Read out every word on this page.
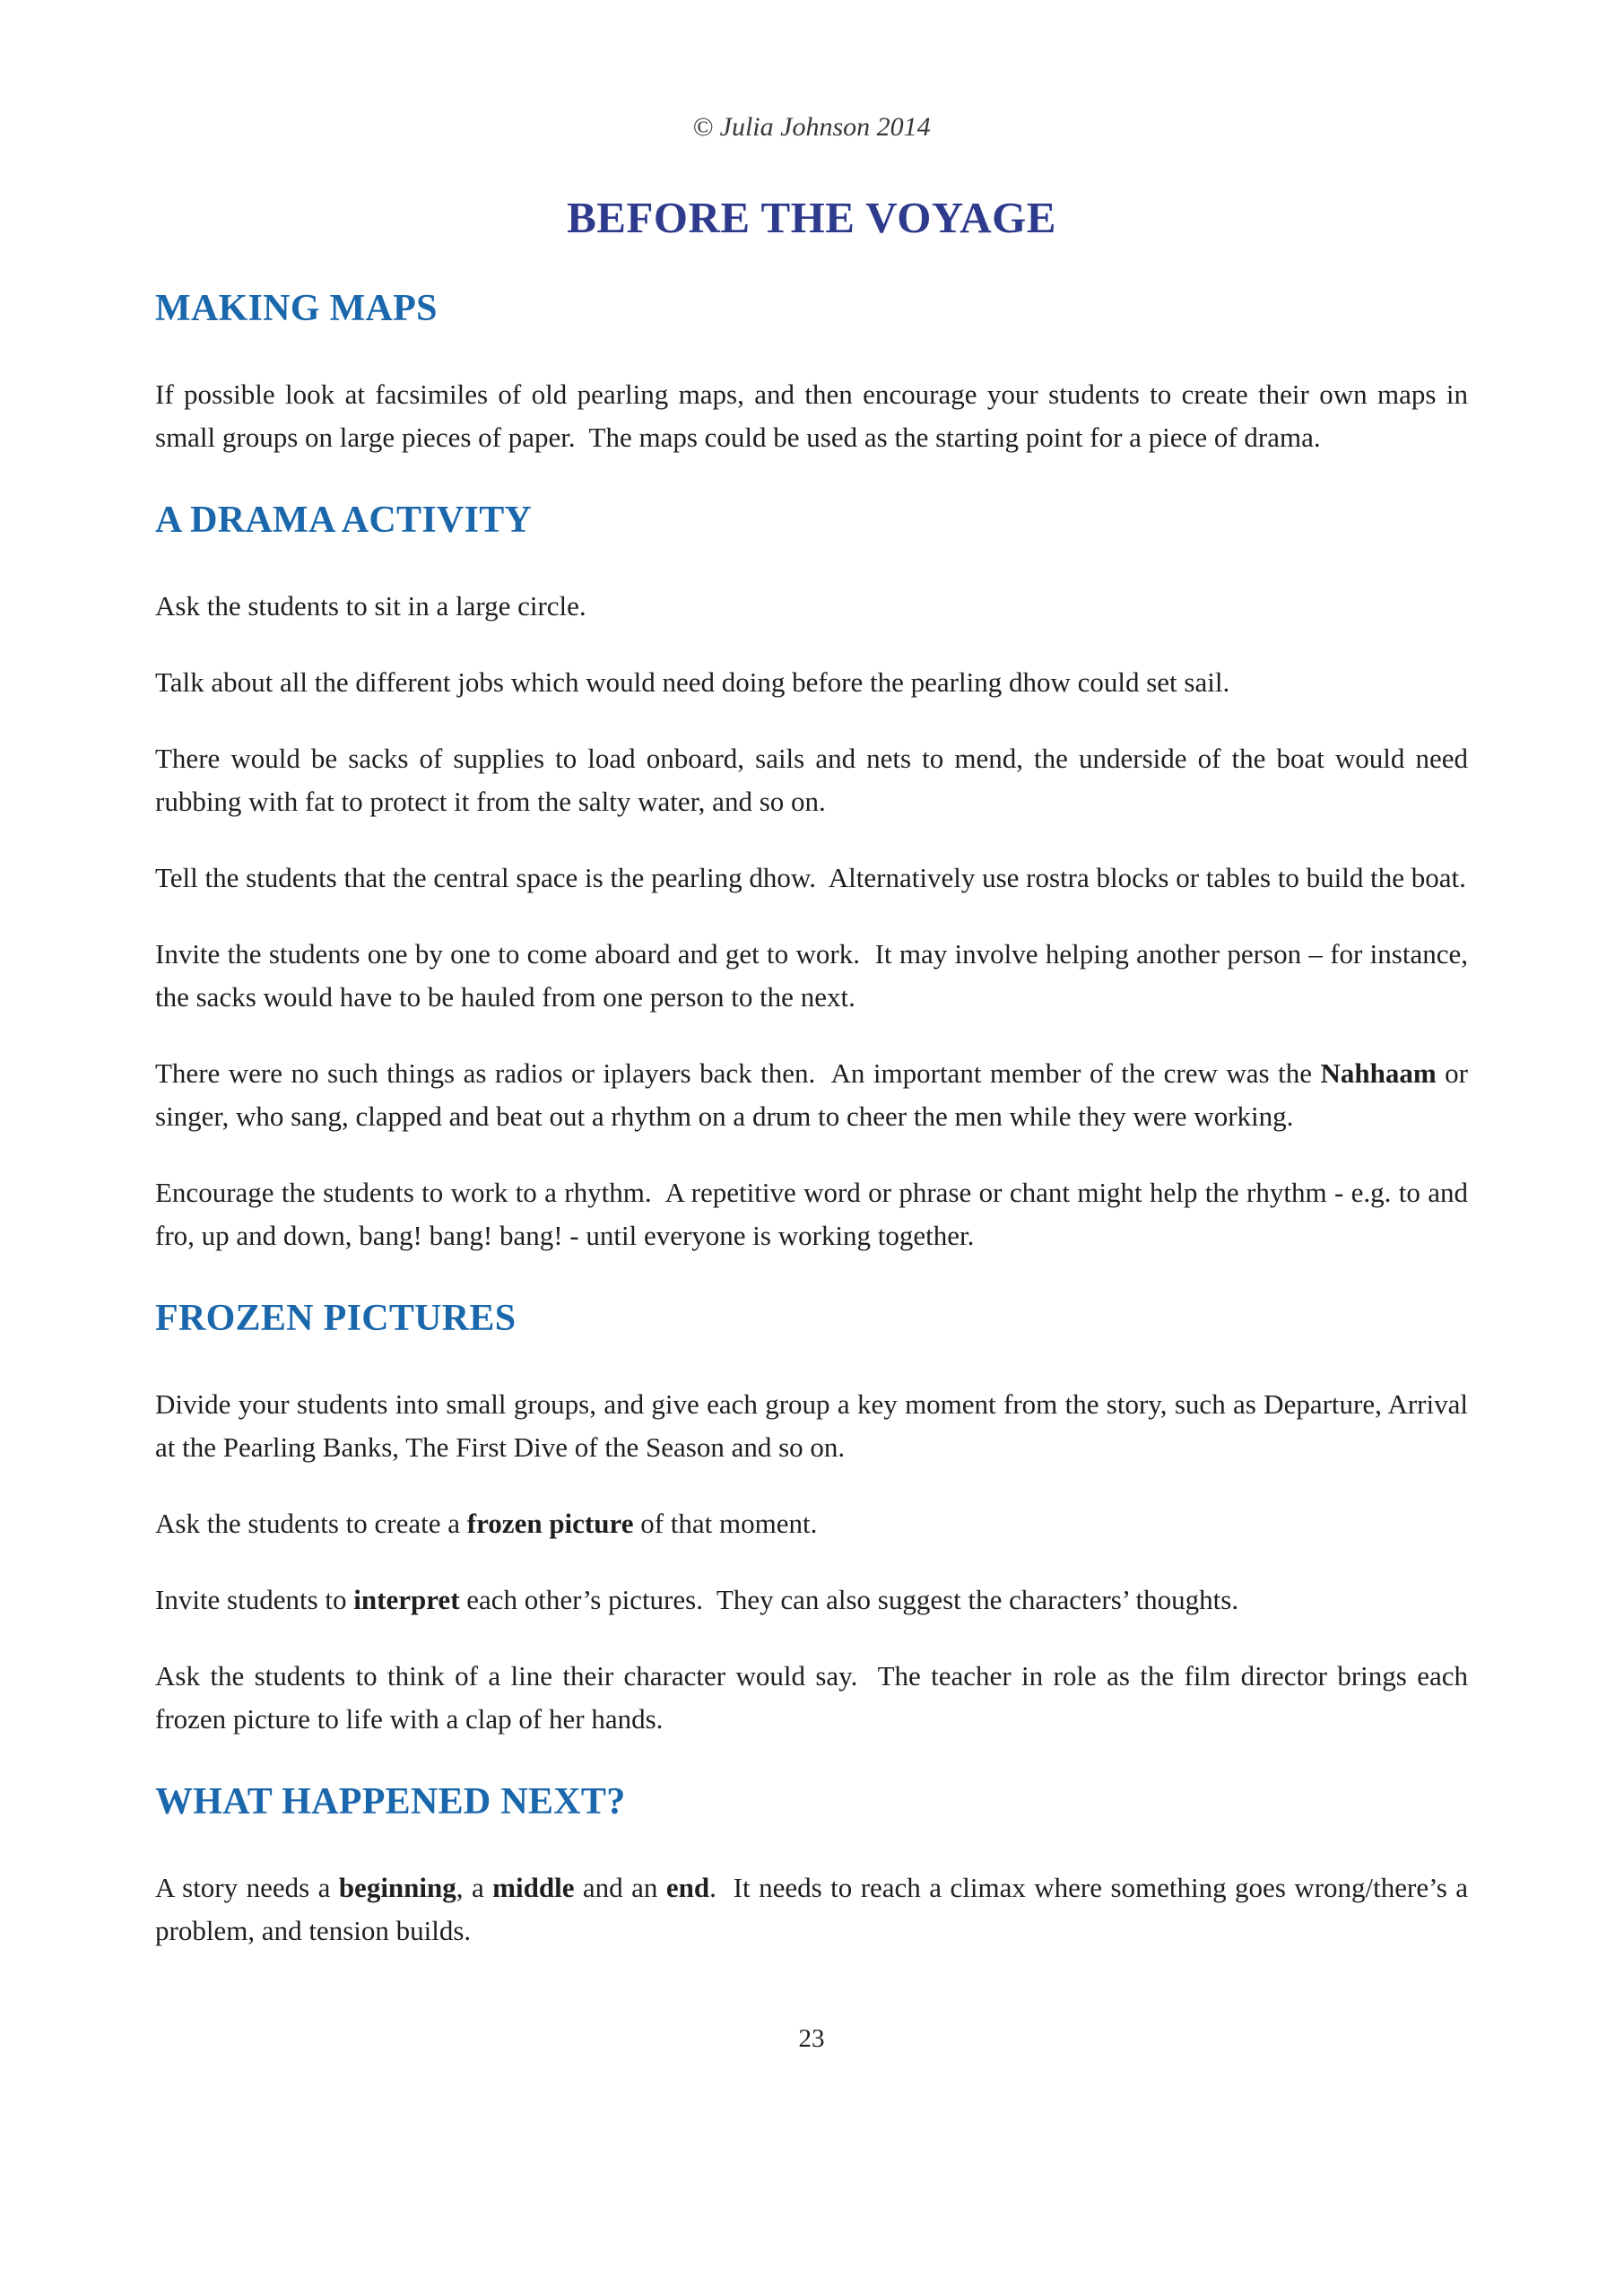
© Julia Johnson 2014
BEFORE THE VOYAGE
MAKING MAPS

If possible look at facsimiles of old pearling maps, and then encourage your students to create their own maps in small groups on large pieces of paper.  The maps could be used as the starting point for a piece of drama.

A DRAMA ACTIVITY

Ask the students to sit in a large circle.

Talk about all the different jobs which would need doing before the pearling dhow could set sail.

There would be sacks of supplies to load onboard, sails and nets to mend, the underside of the boat would need rubbing with fat to protect it from the salty water, and so on.

Tell the students that the central space is the pearling dhow.  Alternatively use rostra blocks or tables to build the boat.

Invite the students one by one to come aboard and get to work.  It may involve helping another person – for instance, the sacks would have to be hauled from one person to the next.

There were no such things as radios or iplayers back then.  An important member of the crew was the Nahhaam or singer, who sang, clapped and beat out a rhythm on a drum to cheer the men while they were working.

Encourage the students to work to a rhythm.  A repetitive word or phrase or chant might help the rhythm - e.g. to and fro, up and down, bang! bang! bang! - until everyone is working together.

FROZEN PICTURES

Divide your students into small groups, and give each group a key moment from the story, such as Departure, Arrival at the Pearling Banks, The First Dive of the Season and so on.

Ask the students to create a frozen picture of that moment.

Invite students to interpret each other’s pictures.  They can also suggest the characters’ thoughts.

Ask the students to think of a line their character would say.  The teacher in role as the film director brings each frozen picture to life with a clap of her hands.

WHAT HAPPENED NEXT?

A story needs a beginning, a middle and an end.  It needs to reach a climax where something goes wrong/there’s a problem, and tension builds.

23
